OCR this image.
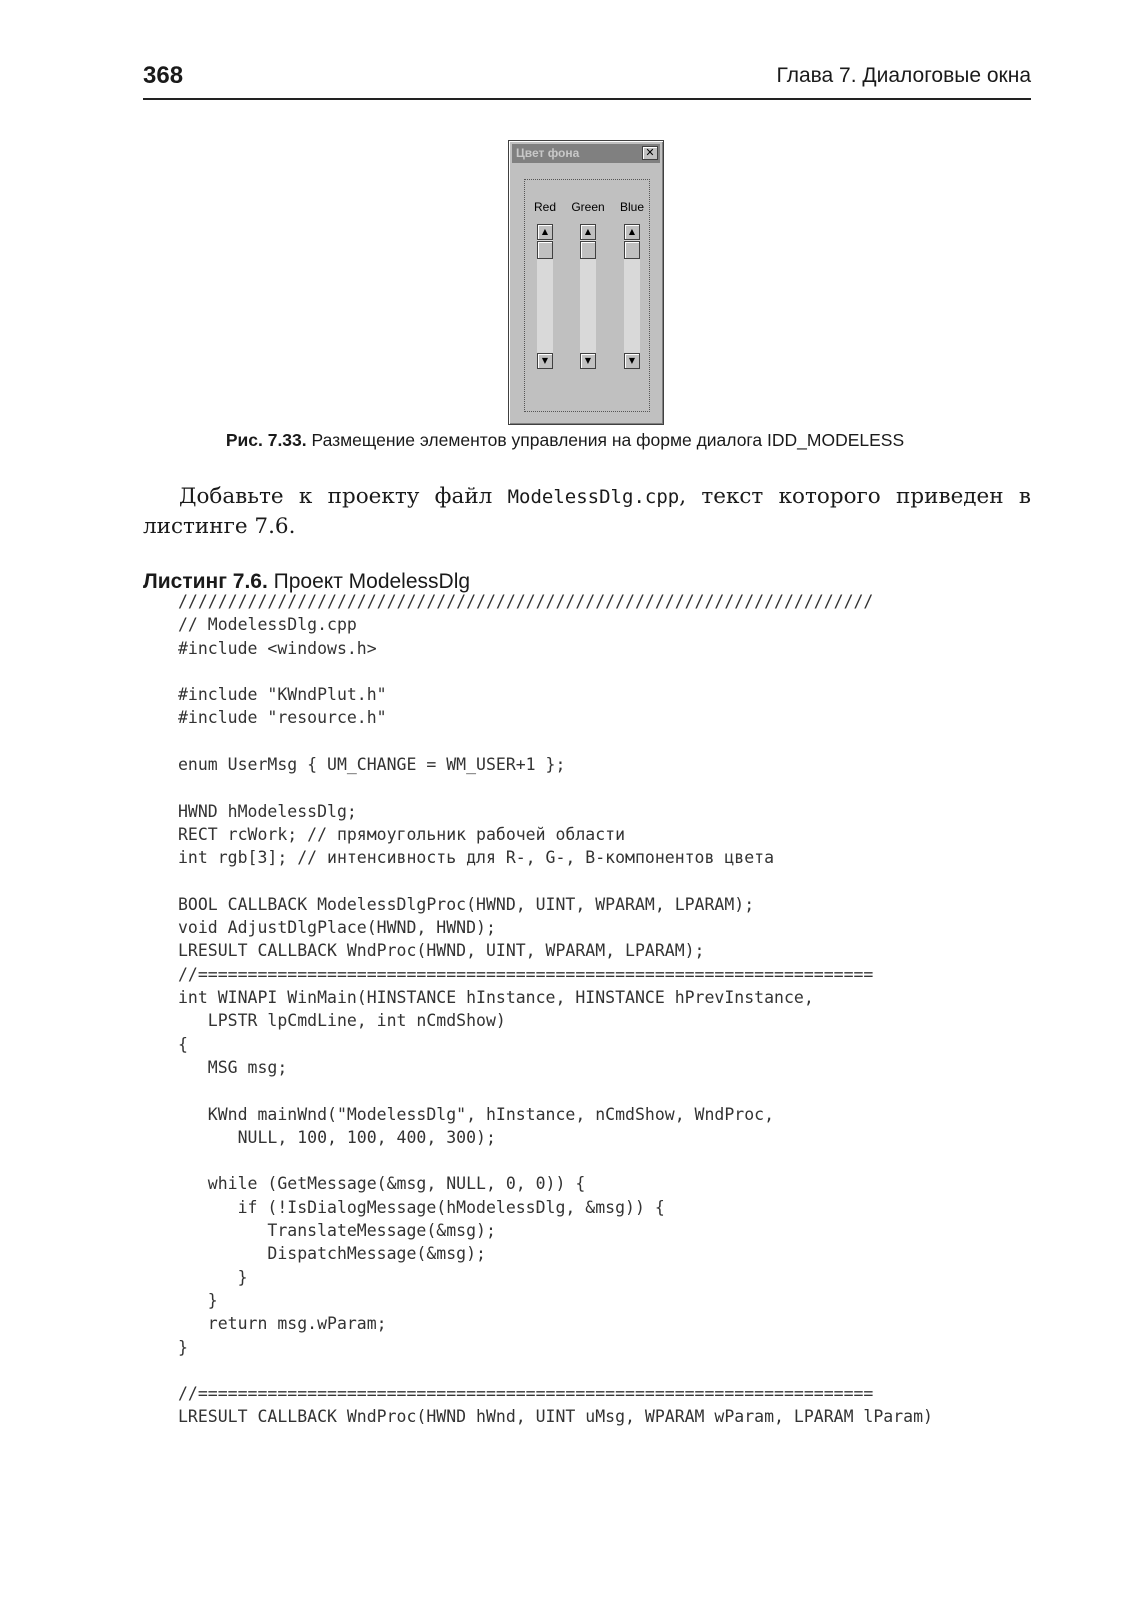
368	Глава 7. Диалоговые окна
Цвет фона	✕
Red	Green	Blue
▲
▼
▲
▼
▲
▼
Рис. 7.33. Размещение элементов управления на форме диалога IDD_MODELESS
Добавьте к проекту файл ModelessDlg.cpp, текст которого приведен в листинге 7.6.
Листинг 7.6. Проект ModelessDlg
//////////////////////////////////////////////////////////////////////
// ModelessDlg.cpp
#include <windows.h>

#include "KWndPlut.h"
#include "resource.h"

enum UserMsg { UM_CHANGE = WM_USER+1 };

HWND hModelessDlg;
RECT rcWork; // прямоугольник рабочей области
int rgb[3]; // интенсивность для R-, G-, B-компонентов цвета

BOOL CALLBACK ModelessDlgProc(HWND, UINT, WPARAM, LPARAM);
void AdjustDlgPlace(HWND, HWND);
LRESULT CALLBACK WndProc(HWND, UINT, WPARAM, LPARAM);
//====================================================================
int WINAPI WinMain(HINSTANCE hInstance, HINSTANCE hPrevInstance,
LPSTR lpCmdLine, int nCmdShow)
{
MSG msg;

KWnd mainWnd("ModelessDlg", hInstance, nCmdShow, WndProc,
NULL, 100, 100, 400, 300);

while (GetMessage(&msg, NULL, 0, 0)) {
if (!IsDialogMessage(hModelessDlg, &msg)) {
TranslateMessage(&msg);
DispatchMessage(&msg);
}
}
return msg.wParam;
}

//====================================================================
LRESULT CALLBACK WndProc(HWND hWnd, UINT uMsg, WPARAM wParam, LPARAM lParam)
